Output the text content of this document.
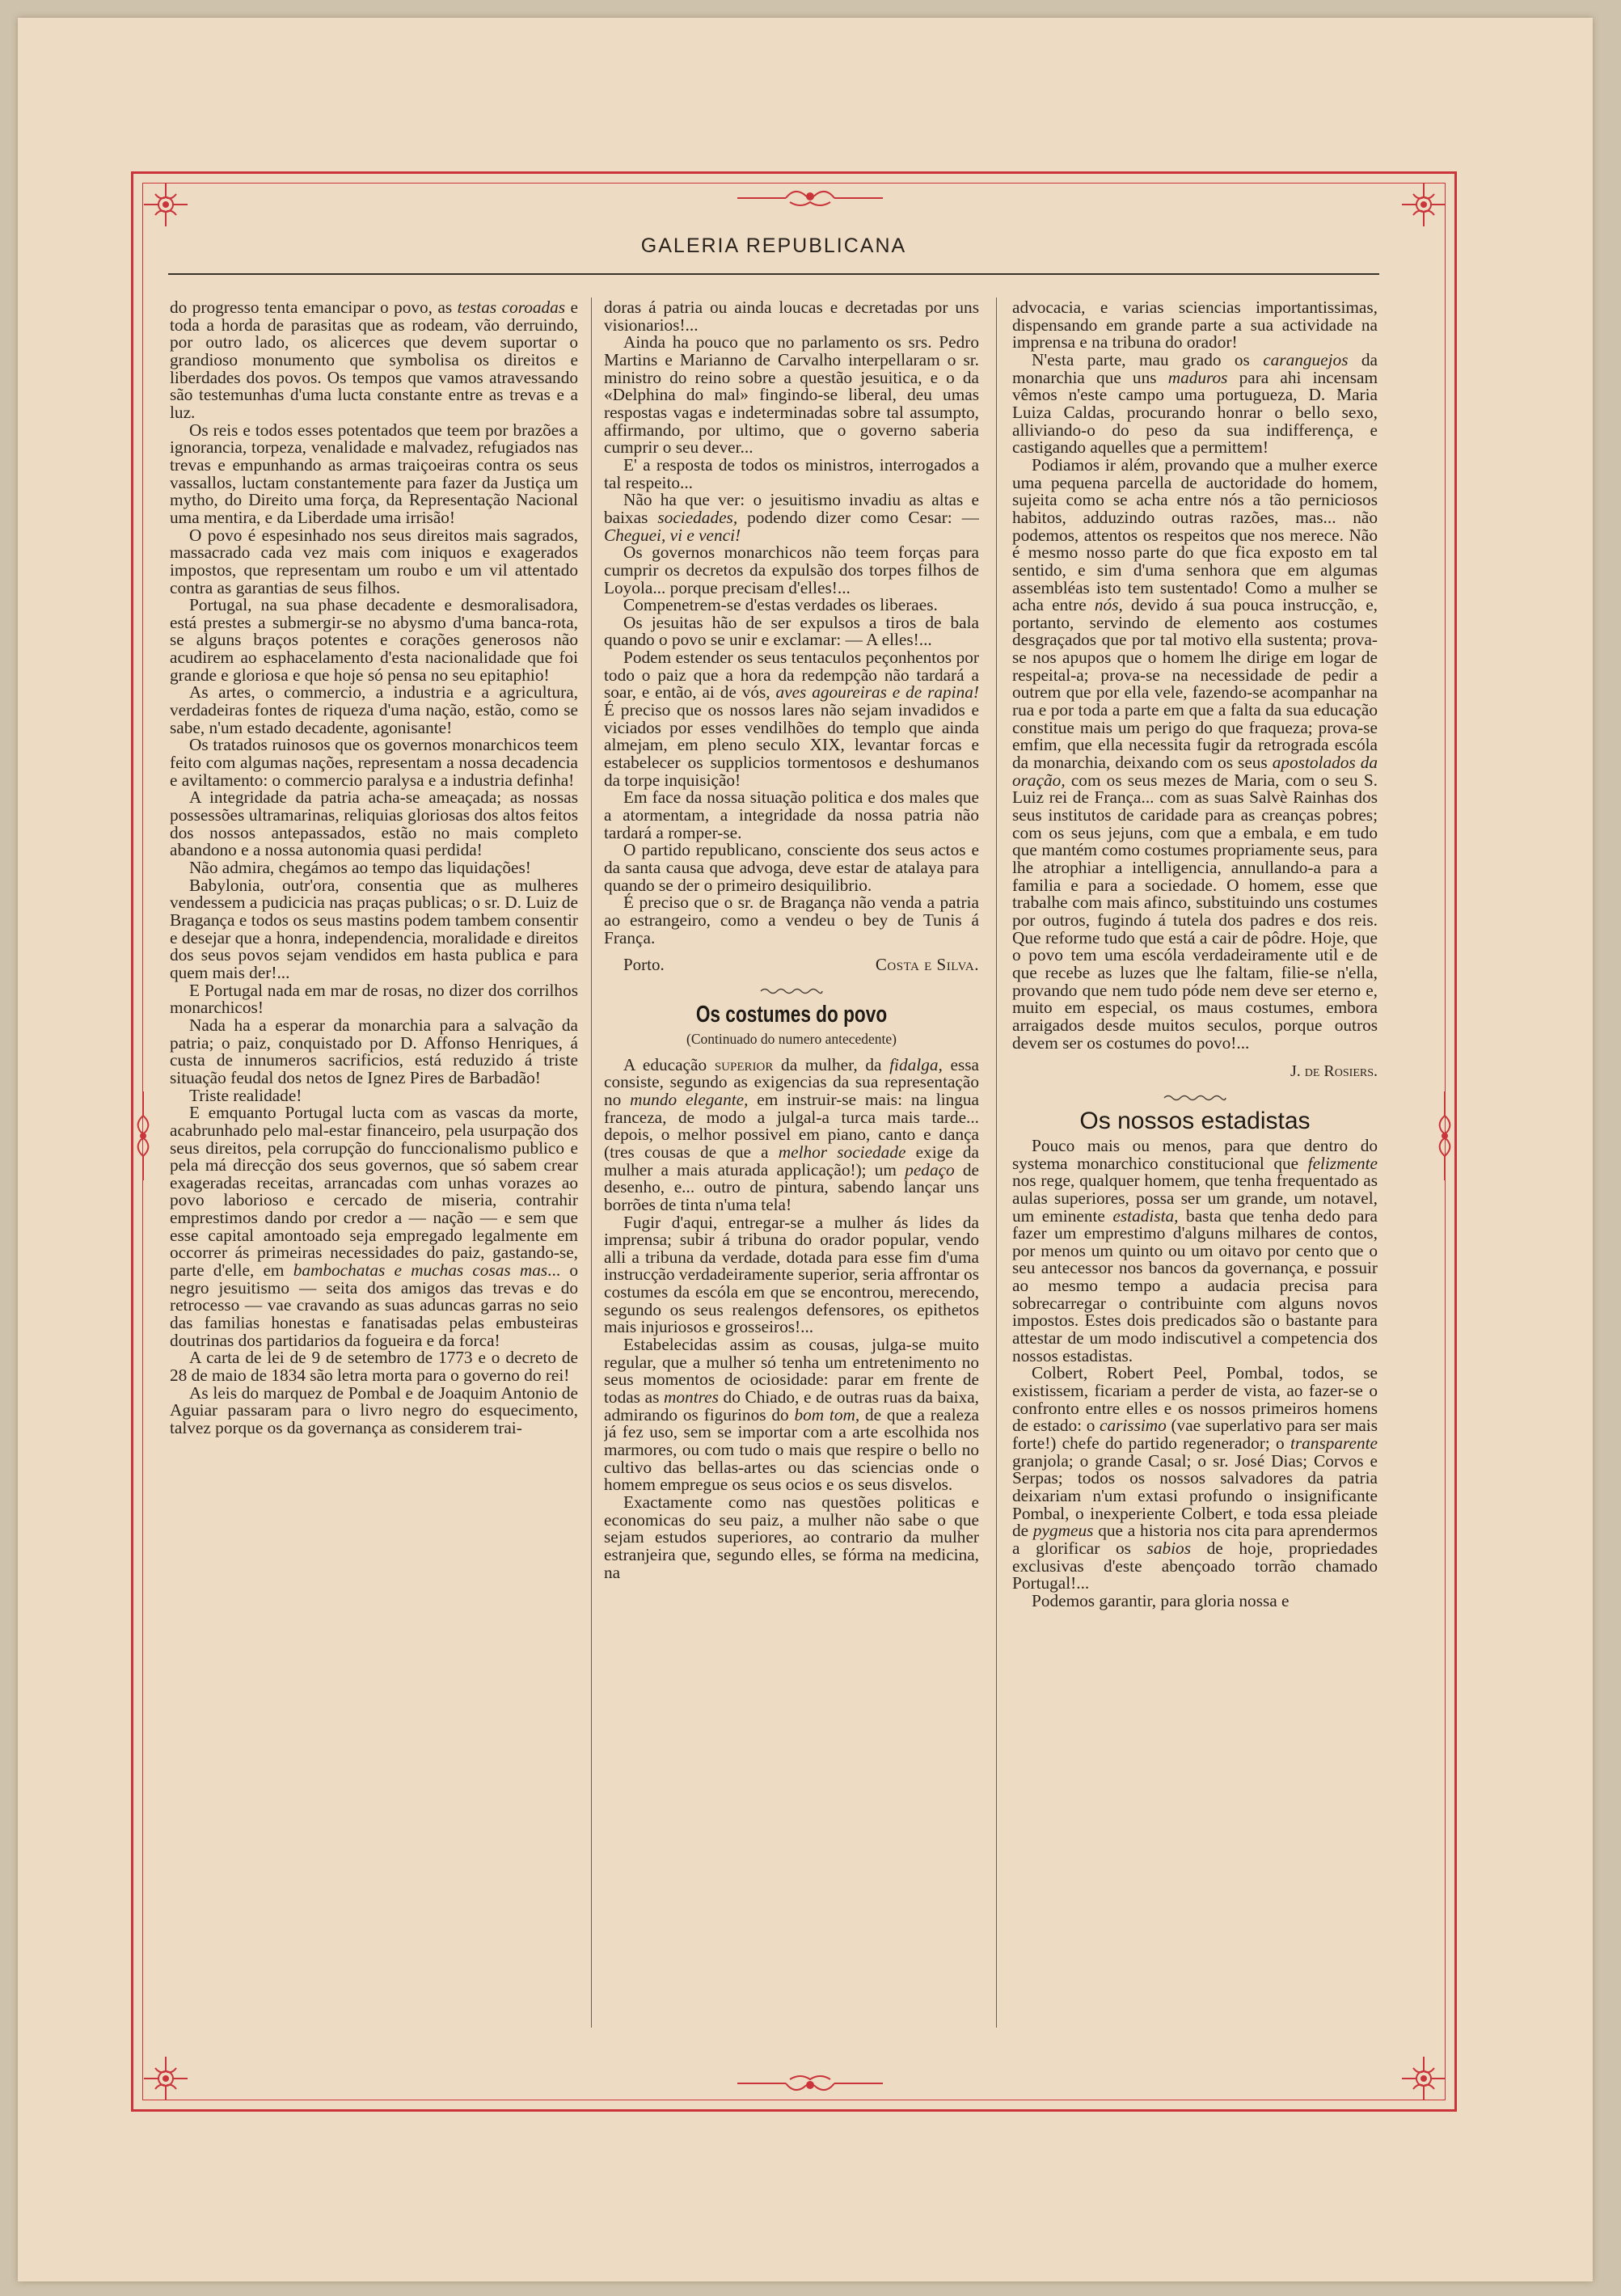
GALERIA REPUBLICANA

do progresso tenta emancipar o povo, as testas coroadas e toda a horda de parasitas que as rodeam, vão derruindo, por outro lado, os alicerces que devem suportar o grandioso monumento que symbolisa os direitos e liberdades dos povos. Os tempos que vamos atravessando são testemunhas d'uma lucta constante entre as trevas e a luz.

Os reis e todos esses potentados que teem por brazões a ignorancia, torpeza, venalidade e malvadez, refugiados nas trevas e empunhando as armas traiçoeiras contra os seus vassallos, luctam constantemente para fazer da Justiça um mytho, do Direito uma força, da Representação Nacional uma mentira, e da Liberdade uma irrisão!

O povo é espesinhado nos seus direitos mais sagrados, massacrado cada vez mais com iniquos e exagerados impostos, que representam um roubo e um vil attentado contra as garantias de seus filhos.

Portugal, na sua phase decadente e desmoralisadora, está prestes a submergir-se no abysmo d'uma banca-rota, se alguns braços potentes e corações generosos não acudirem ao esphacelamento d'esta nacionalidade que foi grande e gloriosa e que hoje só pensa no seu epitaphio!

As artes, o commercio, a industria e a agricultura, verdadeiras fontes de riqueza d'uma nação, estão, como se sabe, n'um estado decadente, agonisante!

Os tratados ruinosos que os governos monarchicos teem feito com algumas nações, representam a nossa decadencia e aviltamento: o commercio paralysa e a industria definha!

A integridade da patria acha-se ameaçada; as nossas possessões ultramarinas, reliquias gloriosas dos altos feitos dos nossos antepassados, estão no mais completo abandono e a nossa autonomia quasi perdida!

Não admira, chegámos ao tempo das liquidações!

Babylonia, outr'ora, consentia que as mulheres vendessem a pudicicia nas praças publicas; o sr. D. Luiz de Bragança e todos os seus mastins podem tambem consentir e desejar que a honra, independencia, moralidade e direitos dos seus povos sejam vendidos em hasta publica e para quem mais der!...

E Portugal nada em mar de rosas, no dizer dos corrilhos monarchicos!

Nada ha a esperar da monarchia para a salvação da patria; o paiz, conquistado por D. Affonso Henriques, á custa de innumeros sacrificios, está reduzido á triste situação feudal dos netos de Ignez Pires de Barbadão!

Triste realidade!

E emquanto Portugal lucta com as vascas da morte, acabrunhado pelo mal-estar financeiro, pela usurpação dos seus direitos, pela corrupção do funccionalismo publico e pela má direcção dos seus governos, que só sabem crear exageradas receitas, arrancadas com unhas vorazes ao povo laborioso e cercado de miseria, contrahir emprestimos dando por credor a — nação — e sem que esse capital amontoado seja empregado legalmente em occorrer ás primeiras necessidades do paiz, gastando-se, parte d'elle, em bambochatas e muchas cosas mas... o negro jesuitismo — seita dos amigos das trevas e do retrocesso — vae cravando as suas aduncas garras no seio das familias honestas e fanatisadas pelas embusteiras doutrinas dos partidarios da fogueira e da forca!

A carta de lei de 9 de setembro de 1773 e o decreto de 28 de maio de 1834 são letra morta para o governo do rei!

As leis do marquez de Pombal e de Joaquim Antonio de Aguiar passaram para o livro negro do esquecimento, talvez porque os da governança as considerem trai-

doras á patria ou ainda loucas e decretadas por uns visionarios!...

Ainda ha pouco que no parlamento os srs. Pedro Martins e Marianno de Carvalho interpellaram o sr. ministro do reino sobre a questão jesuitica, e o da «Delphina do mal» fingindo-se liberal, deu umas respostas vagas e indeterminadas sobre tal assumpto, affirmando, por ultimo, que o governo saberia cumprir o seu dever...

E' a resposta de todos os ministros, interrogados a tal respeito...

Não ha que ver: o jesuitismo invadiu as altas e baixas sociedades, podendo dizer como Cesar: — Cheguei, vi e venci!

Os governos monarchicos não teem forças para cumprir os decretos da expulsão dos torpes filhos de Loyola... porque precisam d'elles!...

Compenetrem-se d'estas verdades os liberaes.

Os jesuitas hão de ser expulsos a tiros de bala quando o povo se unir e exclamar: — A elles!...

Podem estender os seus tentaculos peçonhentos por todo o paiz que a hora da redempção não tardará a soar, e então, ai de vós, aves agoureiras e de rapina! É preciso que os nossos lares não sejam invadidos e viciados por esses vendilhões do templo que ainda almejam, em pleno seculo XIX, levantar forcas e estabelecer os supplicios tormentosos e deshumanos da torpe inquisição!

Em face da nossa situação politica e dos males que a atormentam, a integridade da nossa patria não tardará a romper-se.

O partido republicano, consciente dos seus actos e da santa causa que advoga, deve estar de atalaya para quando se der o primeiro desiquilibrio.

É preciso que o sr. de Bragança não venda a patria ao estrangeiro, como a vendeu o bey de Tunis á França.

Porto.	Costa e Silva.
Os costumes do povo
(Continuado do numero antecedente)

A educação superior da mulher, da fidalga, essa consiste, segundo as exigencias da sua representação no mundo elegante, em instruir-se mais: na lingua franceza, de modo a julgal-a turca mais tarde... depois, o melhor possivel em piano, canto e dança (tres cousas de que a melhor sociedade exige da mulher a mais aturada applicação!); um pedaço de desenho, e... outro de pintura, sabendo lançar uns borrões de tinta n'uma tela!

Fugir d'aqui, entregar-se a mulher ás lides da imprensa; subir á tribuna do orador popular, vendo alli a tribuna da verdade, dotada para esse fim d'uma instrucção verdadeiramente superior, seria affrontar os costumes da escóla em que se encontrou, merecendo, segundo os seus realengos defensores, os epithetos mais injuriosos e grosseiros!...

Estabelecidas assim as cousas, julga-se muito regular, que a mulher só tenha um entretenimento no seus momentos de ociosidade: parar em frente de todas as montres do Chiado, e de outras ruas da baixa, admirando os figurinos do bom tom, de que a realeza já fez uso, sem se importar com a arte escolhida nos marmores, ou com tudo o mais que respire o bello no cultivo das bellas-artes ou das sciencias onde o homem empregue os seus ocios e os seus disvelos.

Exactamente como nas questões politicas e economicas do seu paiz, a mulher não sabe o que sejam estudos superiores, ao contrario da mulher estranjeira que, segundo elles, se fórma na medicina, na

advocacia, e varias sciencias importantissimas, dispensando em grande parte a sua actividade na imprensa e na tribuna do orador!

N'esta parte, mau grado os caranguejos da monarchia que uns maduros para ahi incensam vêmos n'este campo uma portugueza, D. Maria Luiza Caldas, procurando honrar o bello sexo, alliviando-o do peso da sua indifferença, e castigando aquelles que a permittem!

Podiamos ir além, provando que a mulher exerce uma pequena parcella de auctoridade do homem, sujeita como se acha entre nós a tão perniciosos habitos, adduzindo outras razões, mas... não podemos, attentos os respeitos que nos merece. Não é mesmo nosso parte do que fica exposto em tal sentido, e sim d'uma senhora que em algumas assembléas isto tem sustentado! Como a mulher se acha entre nós, devido á sua pouca instrucção, e, portanto, servindo de elemento aos costumes desgraçados que por tal motivo ella sustenta; prova-se nos apupos que o homem lhe dirige em logar de respeital-a; prova-se na necessidade de pedir a outrem que por ella vele, fazendo-se acompanhar na rua e por toda a parte em que a falta da sua educação constitue mais um perigo do que fraqueza; prova-se emfim, que ella necessita fugir da retrograda escóla da monarchia, deixando com os seus apostolados da oração, com os seus mezes de Maria, com o seu S. Luiz rei de França... com as suas Salvè Rainhas dos seus institutos de caridade para as creanças pobres; com os seus jejuns, com que a embala, e em tudo que mantém como costumes propriamente seus, para lhe atrophiar a intelligencia, annullando-a para a familia e para a sociedade. O homem, esse que trabalhe com mais afinco, substituindo uns costumes por outros, fugindo á tutela dos padres e dos reis. Que reforme tudo que está a cair de pôdre. Hoje, que o povo tem uma escóla verdadeiramente util e de que recebe as luzes que lhe faltam, filie-se n'ella, provando que nem tudo póde nem deve ser eterno e, muito em especial, os maus costumes, embora arraigados desde muitos seculos, porque outros devem ser os costumes do povo!...

J. de Rosiers.
Os nossos estadistas

Pouco mais ou menos, para que dentro do systema monarchico constitucional que felizmente nos rege, qualquer homem, que tenha frequentado as aulas superiores, possa ser um grande, um notavel, um eminente estadista, basta que tenha dedo para fazer um emprestimo d'alguns milhares de contos, por menos um quinto ou um oitavo por cento que o seu antecessor nos bancos da governança, e possuir ao mesmo tempo a audacia precisa para sobrecarregar o contribuinte com alguns novos impostos. Estes dois predicados são o bastante para attestar de um modo indiscutivel a competencia dos nossos estadistas.

Colbert, Robert Peel, Pombal, todos, se existissem, ficariam a perder de vista, ao fazer-se o confronto entre elles e os nossos primeiros homens de estado: o carissimo (vae superlativo para ser mais forte!) chefe do partido regenerador; o transparente granjola; o grande Casal; o sr. José Dias; Corvos e Serpas; todos os nossos salvadores da patria deixariam n'um extasi profundo o insignificante Pombal, o inexperiente Colbert, e toda essa pleiade de pygmeus que a historia nos cita para aprendermos a glorificar os sabios de hoje, propriedades exclusivas d'este abençoado torrão chamado Portugal!...

Podemos garantir, para gloria nossa e
